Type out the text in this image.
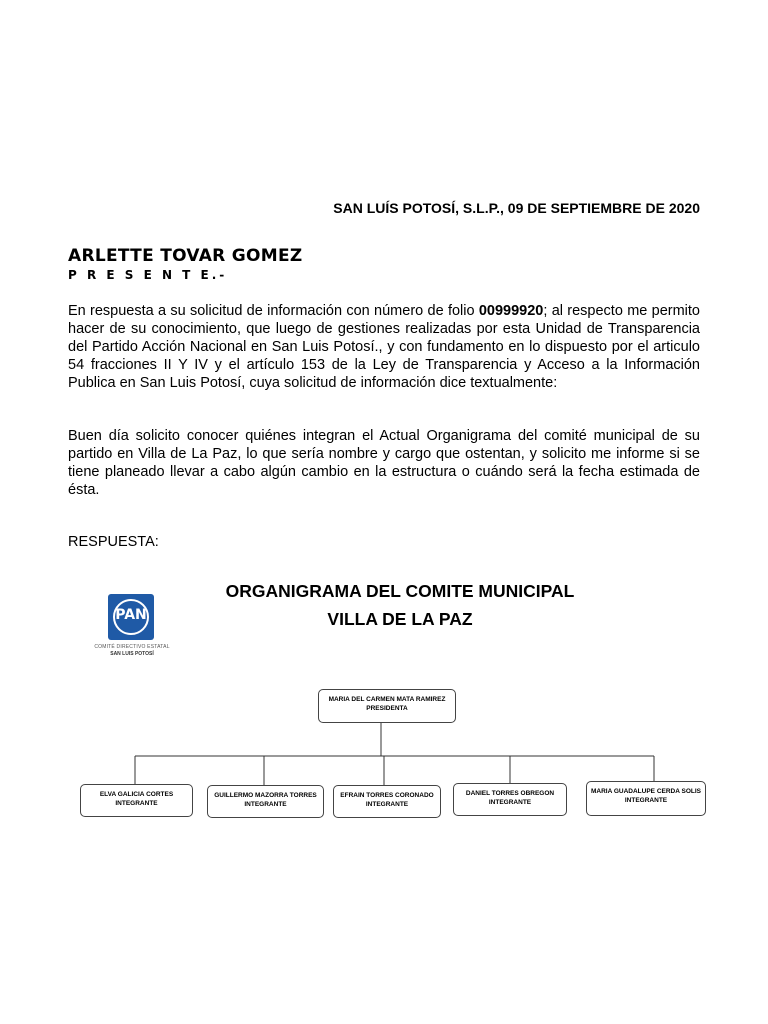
SAN LUÍS POTOSÍ, S.L.P., 09 DE SEPTIEMBRE DE 2020
ARLETTE TOVAR GOMEZ
P R E S E N T E.-
En respuesta a su solicitud de información con número de folio 00999920; al respecto me permito hacer de su conocimiento, que luego de gestiones realizadas por esta Unidad de Transparencia del Partido Acción Nacional en San Luis Potosí., y con fundamento en lo dispuesto por el articulo 54 fracciones II Y IV y el artículo 153 de la Ley de Transparencia y Acceso a la Información Publica en San Luis Potosí, cuya solicitud de información dice textualmente:
Buen día solicito conocer quiénes integran el Actual Organigrama del comité municipal de su partido en Villa de La Paz, lo que sería nombre y cargo que ostentan, y solicito me informe si se tiene planeado llevar a cabo algún cambio en la estructura o cuándo será la fecha estimada de ésta.
RESPUESTA:
ORGANIGRAMA DEL COMITE MUNICIPAL
VILLA DE LA PAZ
PAN
COMITÉ DIRECTIVO ESTATAL
SAN LUIS POTOSÍ
MARIA DEL CARMEN MATA RAMIREZ
PRESIDENTA
ELVA GALICIA CORTES
INTEGRANTE
GUILLERMO MAZORRA TORRES
INTEGRANTE
EFRAIN TORRES CORONADO
INTEGRANTE
DANIEL TORRES OBREGON
INTEGRANTE
MARIA GUADALUPE CERDA SOLIS
INTEGRANTE
